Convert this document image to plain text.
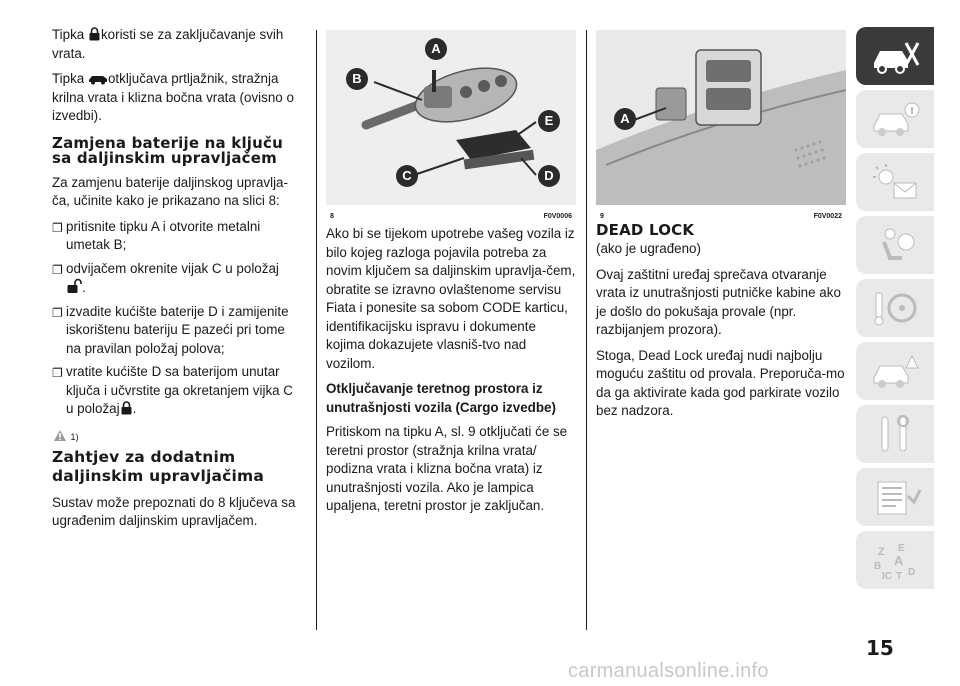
Tipka koristi se za zaključavanje svih vrata.

Tipka otključava prtljažnik, stražnja krilna vrata i klizna bočna vrata (ovisno o izvedbi).

Zamjena baterije na ključu sa daljinskim upravljačem

Za zamjenu baterije daljinskog upravlja-ča, učinite kako je prikazano na slici 8:

❐ pritisnite tipku A i otvorite metalni umetak B;
❐ odvijačem okrenite vijak C u položaj
.
❐ izvadite kućište baterije D i zamijenite iskorištenu bateriju E pazeći pri tome na pravilan položaj polova;
❐ vratite kućište D sa baterijom unutar ključa i učvrstite ga okretanjem vijka C u položaj .
1)
Zahtjev za dodatnim daljinskim upravljačima

Sustav može prepoznati do 8 ključeva sa ugrađenim daljinskim upravljačem.

A
B
C	D
E
8	F0V0006

Ako bi se tijekom upotrebe vašeg vozila iz bilo kojeg razloga pojavila potreba za novim ključem sa daljinskim upravlja-čem, obratite se izravno ovlaštenome servisu Fiata i ponesite sa sobom CODE karticu, identifikacijsku ispravu i dokumente kojima dokazujete vlasniš-tvo nad vozilom.

Otključavanje teretnog prostora iz unutrašnjosti vozila (Cargo izvedbe)

Pritiskom na tipku A, sl. 9 otključati će se teretni prostor (stražnja krilna vrata/ podizna vrata i klizna bočna vrata) iz unutrašnjosti vozila. Ako je lampica upaljena, teretni prostor je zaključan.

A
9	F0V0022
DEAD LOCK

(ako je ugrađeno)

Ovaj zaštitni uređaj sprečava otvaranje vrata iz unutrašnjosti putničke kabine ako je došlo do pokušaja provale (npr. razbijanjem prozora).

Stoga, Dead Lock uređaj nudi najbolju moguću zaštitu od provala. Preporuča-mo da ga aktivirate kada god parkirate vozilo bez nadzora.

Z E
B A
IC T D
15
carmanualsonline.info
